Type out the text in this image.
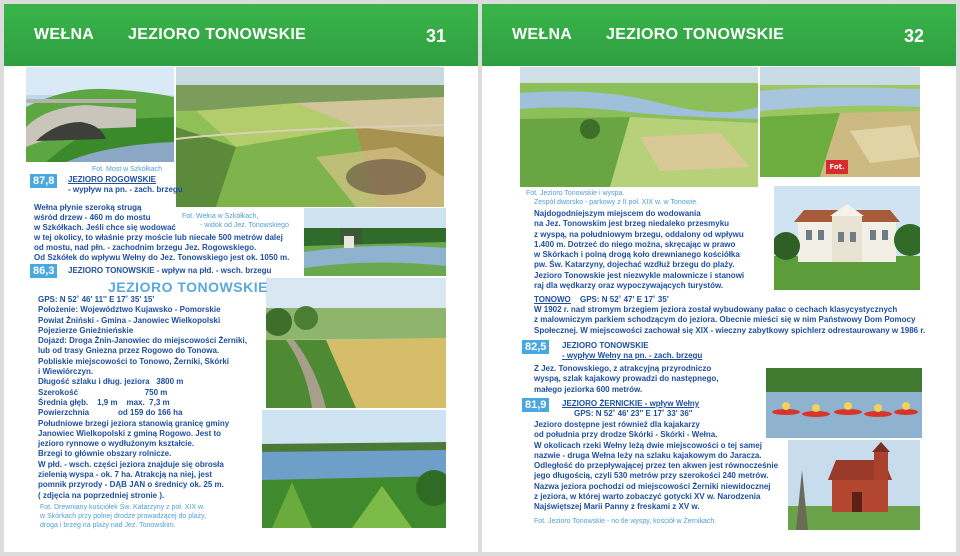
WEŁNA JEZIORO TONOWSKIE	31
Fot. Most w Szkółkach
87,8	JEZIORO ROGOWSKIE
- wypływ na pn. - zach. brzegu
Wełna płynie szeroką strugą
wśród drzew - 460 m do mostu
w Szkółkach. Jeśli chce się wodować
w tej okolicy, to właśnie przy moście lub niecałe 500 metrów dalej
od mostu, nad płn. - zachodnim brzegu Jez. Rogowskiego.
Od Szkółek do wpływu Wełny do Jez. Tonowskiego jest ok. 1050 m.
Fot. Wełna w Szkółkach,
- widok od Jez. Tonowskiego
86,3	JEZIORO TONOWSKIE - wpływ na płd. - wsch. brzegu
JEZIORO TONOWSKIE
GPS: N 52˚ 46' 11'' E 17˚ 35' 15'
Położenie: Województwo Kujawsko - Pomorskie
Powiat Żniński - Gmina - Janowiec Wielkopolski
Pojezierze Gnieźnieńskie
Dojazd: Droga Żnin-Janowiec do miejscowości Żerniki,
lub od trasy Gniezna przez Rogowo do Tonowa.
Pobliskie miejscowości to Tonowo, Żerniki, Skórki
i Wiewiórczyn.
Długość szlaku i dług. jeziora   3800 m
Szerokość                              750 m
Średnia głęb.    1,9 m    max.  7,3 m
Powierzchnia             od 159 do 166 ha
Południowe brzegi jeziora stanowią granicę gminy
Janowiec Wielkopolski z gminą Rogowo. Jest to
jezioro rynnowe o wydłużonym kształcie.
Brzegi to głównie obszary rolnicze.
W płd. - wsch. części jeziora znajduje się obrosła
zielenią wyspa - ok. 7 ha. Atrakcją na niej, jest
pomnik przyrody - DĄB JAN o średnicy ok. 25 m.
( zdjęcia na poprzedniej stronie ).
Fot. Drewniany kościółek Św. Katarzyny z poł. XIX w.
w Skórkach przy polnej drodze prowadzącej do plaży,
droga i brzeg na plaży nad Jez. Tonowskim.
WEŁNA JEZIORO TONOWSKIE	32
Fot. M.N.
Fot. Jezioro Tonowskie i wyspa.
Zespół dworsko - parkowy z II poł. XIX w. w Tonowie.
Najdogodniejszym miejscem do wodowania
na Jez. Tonowskim jest brzeg niedaleko przesmyku
z wyspą, na południowym brzegu, oddalony od wpływu
1.400 m. Dotrzeć do niego można, skręcając w prawo
w Skórkach i polną drogą koło drewnianego kościółka
pw. Św. Katarzyny, dojechać wzdłuż brzegu do plaży.
Jezioro Tonowskie jest niezwykle malownicze i stanowi
raj dla wędkarzy oraz wypoczywających turystów.
TONOWO GPS: N 52˚ 47' E 17˚ 35'
W 1902 r. nad stromym brzegiem jeziora został wybudowany pałac o cechach klasycystycznych
z malowniczym parkiem schodzącym do jeziora. Obecnie mieści się w nim Państwowy Dom Pomocy
Społecznej. W miejscowości zachował się XIX - wieczny zabytkowy spichlerz odrestaurowany w 1986 r.
82,5	JEZIORO TONOWSKIE
- wypływ Wełny na pn. - zach. brzegu
Z Jez. Tonowskiego, z atrakcyjną przyrodniczo
wyspą, szlak kajakowy prowadzi do następnego,
małego jeziorka 600 metrów.
81,9	JEZIORO ŻERNICKIE - wpływ Wełny
GPS: N 52˚ 46' 23'' E 17˚ 33' 36''
Jezioro dostępne jest również dla kajakarzy
od południa przy drodze Skórki - Skórki - Wełna.
W okolicach rzeki Wełny leżą dwie miejscowości o tej samej
nazwie - druga Wełna leży na szlaku kajakowym do Jaracza.
Odległość do przepływającej przez ten akwen jest równocześnie
jego długością, czyli 530 metrów przy szerokości 240 metrów.
Nazwa jeziora pochodzi od miejscowości Żerniki niewidocznej
z jeziora, w której warto zobaczyć gotycki XV w. Narodzenia
Najświętszej Marii Panny z freskami z XV w.
Fot. Jezioro Tonowskie - no tle wyspy, kościół w Żernikach.
